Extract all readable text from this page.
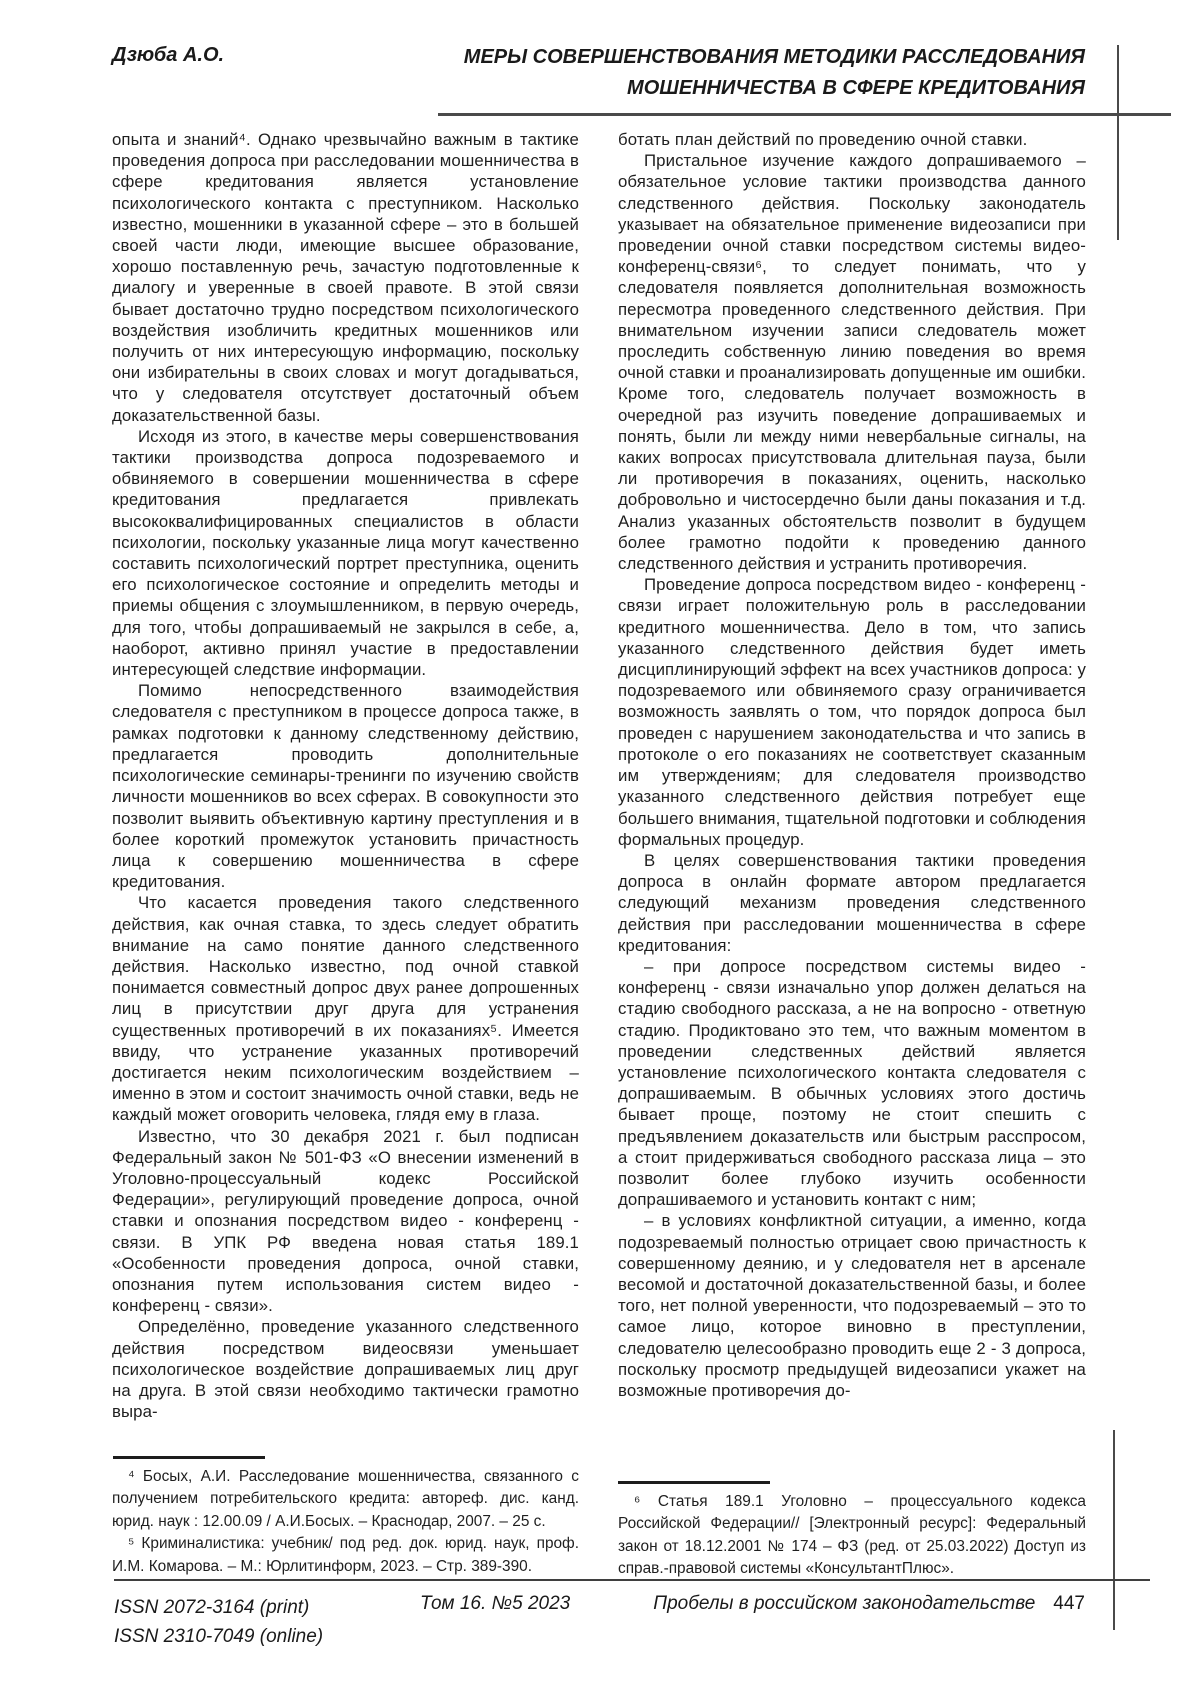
Дзюба А.О.	МЕРЫ СОВЕРШЕНСТВОВАНИЯ МЕТОДИКИ РАССЛЕДОВАНИЯ
МОШЕННИЧЕСТВА В СФЕРЕ КРЕДИТОВАНИЯ

опыта и знаний⁴. Однако чрезвычайно важным в тактике проведения допроса при расследовании мошенничества в сфере кредитования является установление психологического контакта с преступником. Насколько известно, мошенники в указанной сфере – это в большей своей части люди, имеющие высшее образование, хорошо поставленную речь, зачастую подготовленные к диалогу и уверенные в своей правоте. В этой связи бывает достаточно трудно посредством психологического воздействия изобличить кредитных мошенников или получить от них интересующую информацию, поскольку они избирательны в своих словах и могут догадываться, что у следователя отсутствует достаточный объем доказательственной базы.

Исходя из этого, в качестве меры совершенствования тактики производства допроса подозреваемого и обвиняемого в совершении мошенничества в сфере кредитования предлагается привлекать высококвалифицированных специалистов в области психологии, поскольку указанные лица могут качественно составить психологический портрет преступника, оценить его психологическое состояние и определить методы и приемы общения с злоумышленником, в первую очередь, для того, чтобы допрашиваемый не закрылся в себе, а, наоборот, активно принял участие в предоставлении интересующей следствие информации.

Помимо непосредственного взаимодействия следователя с преступником в процессе допроса также, в рамках подготовки к данному следственному действию, предлагается проводить дополнительные психологические семинары-тренинги по изучению свойств личности мошенников во всех сферах. В совокупности это позволит выявить объективную картину преступления и в более короткий промежуток установить причастность лица к совершению мошенничества в сфере кредитования.

Что касается проведения такого следственного действия, как очная ставка, то здесь следует обратить внимание на само понятие данного следственного действия. Насколько известно, под очной ставкой понимается совместный допрос двух ранее допрошенных лиц в присутствии друг друга для устранения существенных противоречий в их показаниях⁵. Имеется ввиду, что устранение указанных противоречий достигается неким психологическим воздействием – именно в этом и состоит значимость очной ставки, ведь не каждый может оговорить человека, глядя ему в глаза.

Известно, что 30 декабря 2021 г. был подписан Федеральный закон № 501-ФЗ «О внесении изменений в Уголовно-процессуальный кодекс Российской Федерации», регулирующий проведение допроса, очной ставки и опознания посредством видео - конференц - связи. В УПК РФ введена новая статья 189.1 «Особенности проведения допроса, очной ставки, опознания путем использования систем видео - конференц - связи».

Определённо, проведение указанного следственного действия посредством видеосвязи уменьшает психологическое воздействие допрашиваемых лиц друг на друга. В этой связи необходимо тактически грамотно выра-

ботать план действий по проведению очной ставки.

Пристальное изучение каждого допрашиваемого – обязательное условие тактики производства данного следственного действия. Поскольку законодатель указывает на обязательное применение видеозаписи при проведении очной ставки посредством системы видео-конференц-связи⁶, то следует понимать, что у следователя появляется дополнительная возможность пересмотра проведенного следственного действия. При внимательном изучении записи следователь может проследить собственную линию поведения во время очной ставки и проанализировать допущенные им ошибки. Кроме того, следователь получает возможность в очередной раз изучить поведение допрашиваемых и понять, были ли между ними невербальные сигналы, на каких вопросах присутствовала длительная пауза, были ли противоречия в показаниях, оценить, насколько добровольно и чистосердечно были даны показания и т.д. Анализ указанных обстоятельств позволит в будущем более грамотно подойти к проведению данного следственного действия и устранить противоречия.

Проведение допроса посредством видео - конференц - связи играет положительную роль в расследовании кредитного мошенничества. Дело в том, что запись указанного следственного действия будет иметь дисциплинирующий эффект на всех участников допроса: у подозреваемого или обвиняемого сразу ограничивается возможность заявлять о том, что порядок допроса был проведен с нарушением законодательства и что запись в протоколе о его показаниях не соответствует сказанным им утверждениям; для следователя производство указанного следственного действия потребует еще большего внимания, тщательной подготовки и соблюдения формальных процедур.

В целях совершенствования тактики проведения допроса в онлайн формате автором предлагается следующий механизм проведения следственного действия при расследовании мошенничества в сфере кредитования:

– при допросе посредством системы видео - конференц - связи изначально упор должен делаться на стадию свободного рассказа, а не на вопросно - ответную стадию. Продиктовано это тем, что важным моментом в проведении следственных действий является установление психологического контакта следователя с допрашиваемым. В обычных условиях этого достичь бывает проще, поэтому не стоит спешить с предъявлением доказательств или быстрым расспросом, а стоит придерживаться свободного рассказа лица – это позволит более глубоко изучить особенности допрашиваемого и установить контакт с ним;

– в условиях конфликтной ситуации, а именно, когда подозреваемый полностью отрицает свою причастность к совершенному деянию, и у следователя нет в арсенале весомой и достаточной доказательственной базы, и более того, нет полной уверенности, что подозреваемый – это то самое лицо, которое виновно в преступлении, следователю целесообразно проводить еще 2 - 3 допроса, поскольку просмотр предыдущей видеозаписи укажет на возможные противоречия до-

⁴ Босых, А.И. Расследование мошенничества, связанного с получением потребительского кредита: автореф. дис. канд. юрид. наук : 12.00.09 / А.И.Босых. – Краснодар, 2007. – 25 с.

⁵ Криминалистика: учебник/ под ред. док. юрид. наук, проф. И.М. Комарова. – М.: Юрлитинформ, 2023. – Стр. 389-390.

⁶ Статья 189.1 Уголовно – процессуального кодекса Российской Федерации// [Электронный ресурс]: Федеральный закон от 18.12.2001 № 174 – ФЗ (ред. от 25.03.2022) Доступ из справ.-правовой системы «КонсультантПлюс».

ISSN 2072-3164 (print)
ISSN 2310-7049 (online)
Том 16. №5 2023	Пробелы в российском законодательстве 447
